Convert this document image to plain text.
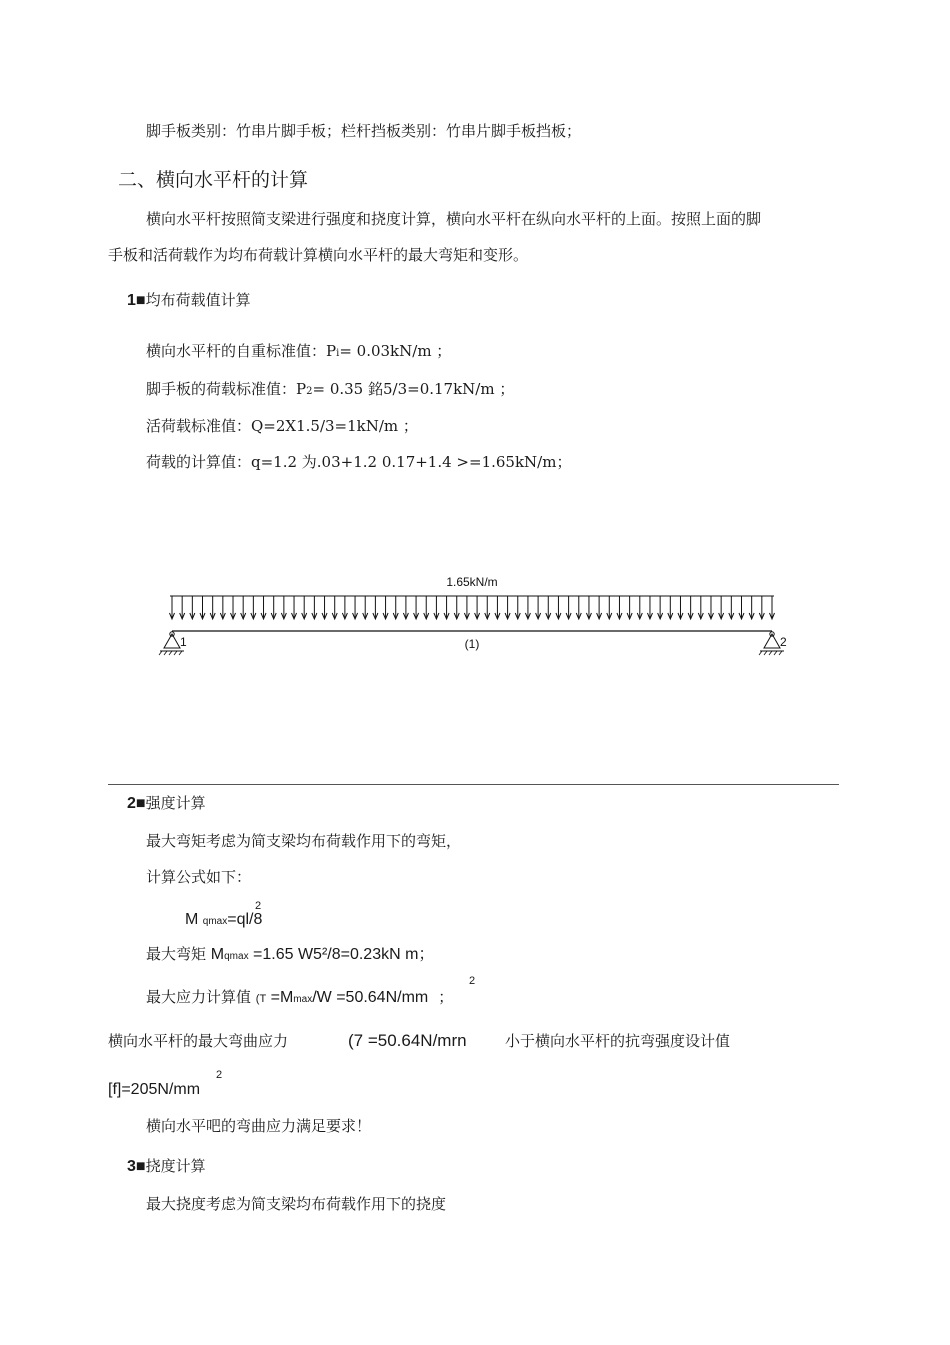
脚手板类别：竹串片脚手板；栏杆挡板类别：竹串片脚手板挡板；
二、横向水平杆的计算
横向水平杆按照简支梁进行强度和挠度计算，横向水平杆在纵向水平杆的上面。按照上面的脚
手板和活荷载作为均布荷载计算横向水平杆的最大弯矩和变形。
1■均布荷载值计算
横向水平杆的自重标准值：Pi= 0.03kN/m ；
脚手板的荷载标准值：P2= 0.35 銘5/3=0.17kN/m ；
活荷载标准值：Q=2X1.5/3=1kN/m ；
荷载的计算值：q=1.2 为.03+1.2 0.17+1.4 >=1.65kN/m；
1.65kN/m
1	2
(1)
2■强度计算
最大弯矩考虑为简支梁均布荷载作用下的弯矩，
计算公式如下：
M qmax=ql/8
2
最大弯矩 Mqmax =1.65 W5²/8=0.23kN m；
最大应力计算值 (T =Mmax/W =50.64N/mm ；
2
横向水平杆的最大弯曲应力	(7 =50.64N/mrn	小于横向水平杆的抗弯强度设计值
[f]=205N/mm
2
横向水平吧的弯曲应力满足要求！
3■挠度计算
最大挠度考虑为简支梁均布荷载作用下的挠度
